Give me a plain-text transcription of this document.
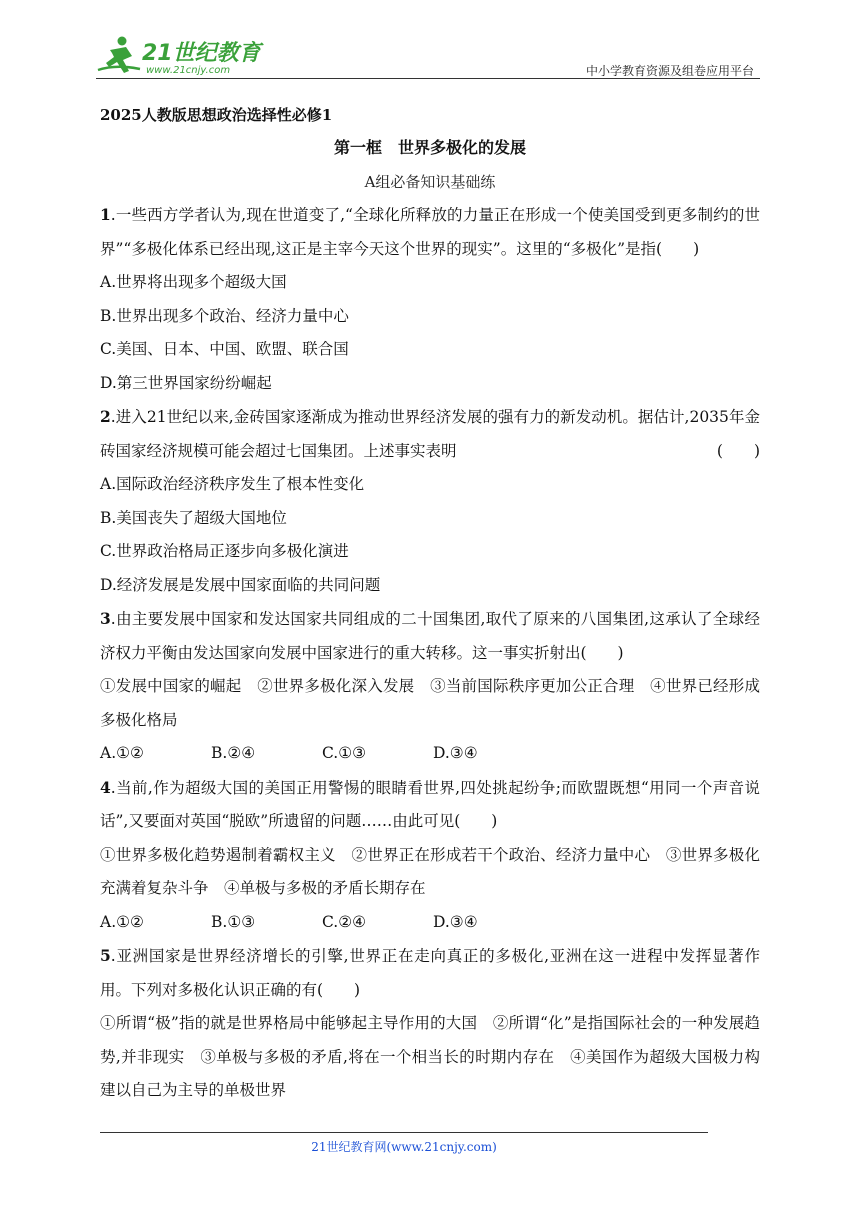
21世纪教育
www.21cnjy.com	中小学教育资源及组卷应用平台
2025人教版思想政治选择性必修1
第一框　世界多极化的发展
A组必备知识基础练

1.一些西方学者认为,现在世道变了,“全球化所释放的力量正在形成一个使美国受到更多制约的世界”“多极化体系已经出现,这正是主宰今天这个世界的现实”。这里的“多极化”是指(　　)

A.世界将出现多个超级大国
B.世界出现多个政治、经济力量中心
C.美国、日本、中国、欧盟、联合国
D.第三世界国家纷纷崛起

2.进入21世纪以来,金砖国家逐渐成为推动世界经济发展的强有力的新发动机。据估计,2035年金砖国家经济规模可能会超过七国集团。上述事实表明	(　　)

A.国际政治经济秩序发生了根本性变化
B.美国丧失了超级大国地位
C.世界政治格局正逐步向多极化演进
D.经济发展是发展中国家面临的共同问题

3.由主要发展中国家和发达国家共同组成的二十国集团,取代了原来的八国集团,这承认了全球经济权力平衡由发达国家向发展中国家进行的重大转移。这一事实折射出(　　)

①发展中国家的崛起　②世界多极化深入发展　③当前国际秩序更加公正合理　④世界已经形成多极化格局

A.①②	B.②④	C.①③	D.③④

4.当前,作为超级大国的美国正用警惕的眼睛看世界,四处挑起纷争;而欧盟既想“用同一个声音说话”,又要面对英国“脱欧”所遗留的问题……由此可见(　　)

①世界多极化趋势遏制着霸权主义　②世界正在形成若干个政治、经济力量中心　③世界多极化充满着复杂斗争　④单极与多极的矛盾长期存在

A.①②	B.①③	C.②④	D.③④

5.亚洲国家是世界经济增长的引擎,世界正在走向真正的多极化,亚洲在这一进程中发挥显著作用。下列对多极化认识正确的有(　　)

①所谓“极”指的就是世界格局中能够起主导作用的大国　②所谓“化”是指国际社会的一种发展趋势,并非现实　③单极与多极的矛盾,将在一个相当长的时期内存在　④美国作为超级大国极力构建以自己为主导的单极世界

21世纪教育网(www.21cnjy.com)
